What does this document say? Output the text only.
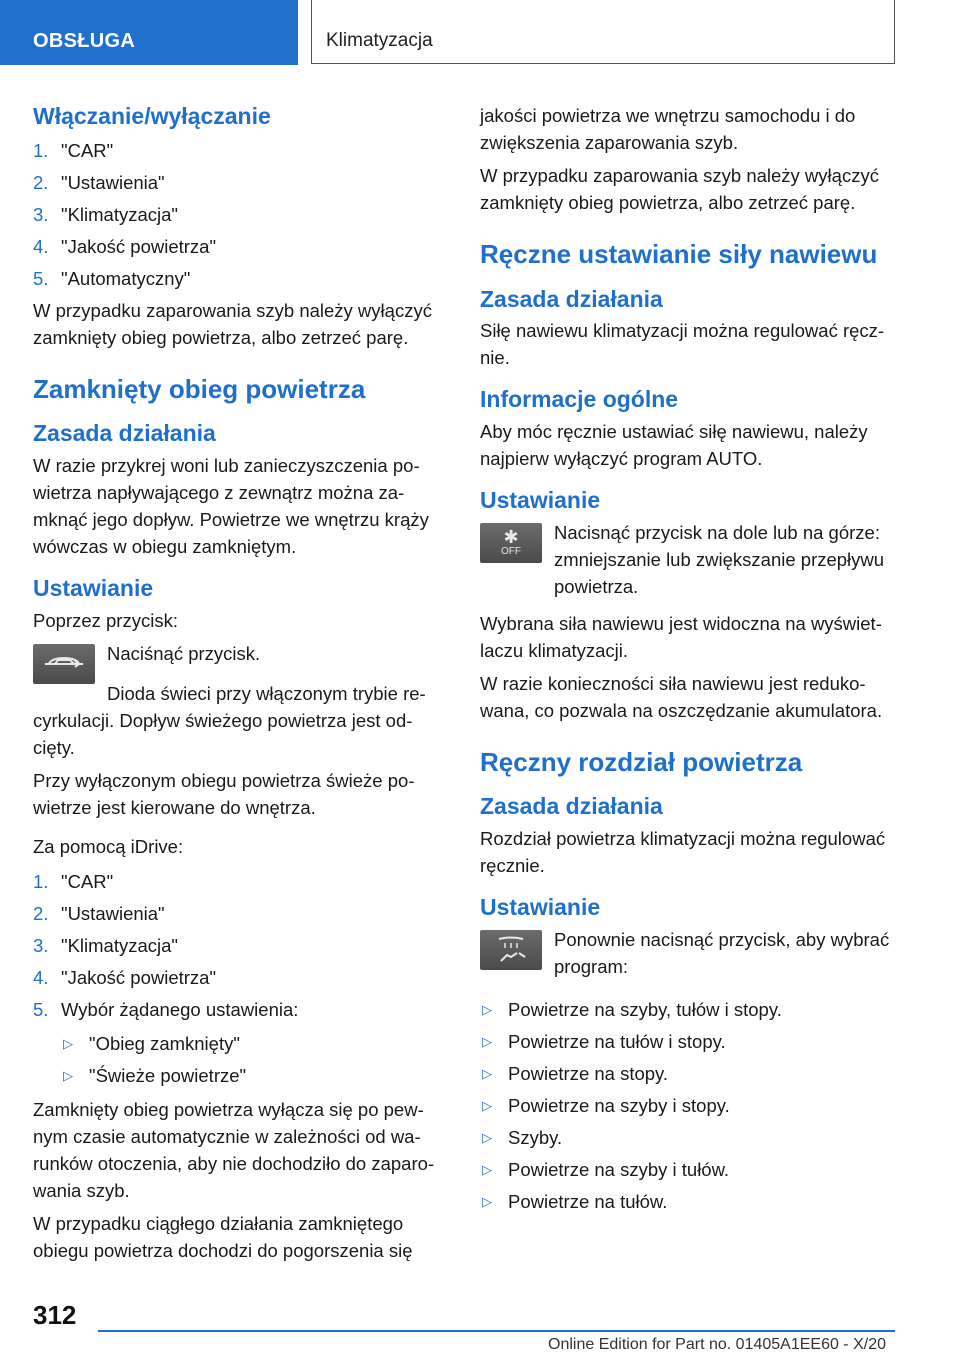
OBSŁUGA	Klimatyzacja
Włączanie/wyłączanie
1. "CAR"
2. "Ustawienia"
3. "Klimatyzacja"
4. "Jakość powietrza"
5. "Automatyczny"

W przypadku zaparowania szyb należy wyłączyć zamknięty obieg powietrza, albo zetrzeć parę.

Zamknięty obieg powietrza
Zasada działania

W razie przykrej woni lub zanieczyszczenia powietrza napływającego z zewnątrz można zamknąć jego dopływ. Powietrze we wnętrzu krąży wówczas w obiegu zamkniętym.

Ustawianie

Poprzez przycisk:

Naciśnąć przycisk.

Dioda świeci przy włączonym trybie recyrkulacji. Dopływ świeżego powietrza jest odcięty.

Przy wyłączonym obiegu powietrza świeże powietrze jest kierowane do wnętrza.

Za pomocą iDrive:

1. "CAR"
2. "Ustawienia"
3. "Klimatyzacja"
4. "Jakość powietrza"
5. Wybór żądanego ustawienia:
▷ "Obieg zamknięty"
▷ "Świeże powietrze"

Zamknięty obieg powietrza wyłącza się po pewnym czasie automatycznie w zależności od warunków otoczenia, aby nie dochodziło do zaparowania szyb.

W przypadku ciągłego działania zamkniętego obiegu powietrza dochodzi do pogorszenia się

jakości powietrza we wnętrzu samochodu i do zwiększenia zaparowania szyb.

W przypadku zaparowania szyb należy wyłączyć zamknięty obieg powietrza, albo zetrzeć parę.

Ręczne ustawianie siły nawiewu
Zasada działania

Siłę nawiewu klimatyzacji można regulować ręcznie.

Informacje ogólne

Aby móc ręcznie ustawiać siłę nawiewu, należy najpierw wyłączyć program AUTO.

Ustawianie
✱
OFF

Nacisnąć przycisk na dole lub na górze: zmniejszanie lub zwiększanie przepływu powietrza.

Wybrana siła nawiewu jest widoczna na wyświetlaczu klimatyzacji.

W razie konieczności siła nawiewu jest redukowana, co pozwala na oszczędzanie akumulatora.

Ręczny rozdział powietrza
Zasada działania

Rozdział powietrza klimatyzacji można regulować ręcznie.

Ustawianie

Ponownie nacisnąć przycisk, aby wybrać program:

▷ Powietrze na szyby, tułów i stopy.
▷ Powietrze na tułów i stopy.
▷ Powietrze na stopy.
▷ Powietrze na szyby i stopy.
▷ Szyby.
▷ Powietrze na szyby i tułów.
▷ Powietrze na tułów.
312
Online Edition for Part no. 01405A1EE60 - X/20
